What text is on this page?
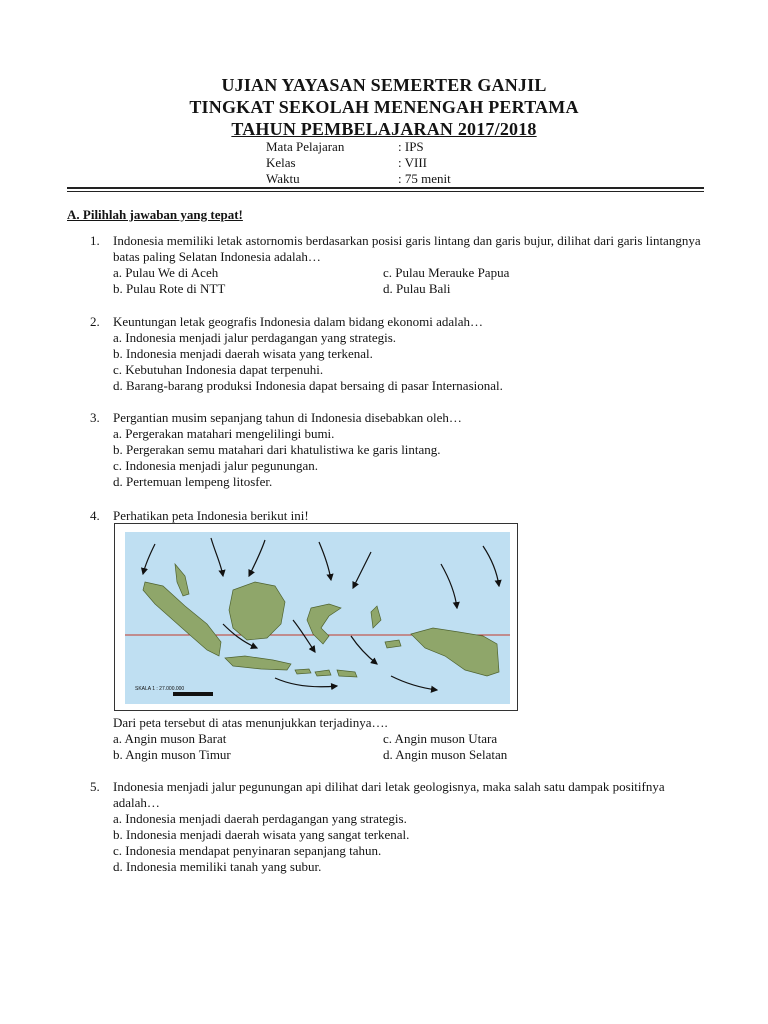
UJIAN YAYASAN SEMERTER GANJIL
TINGKAT SEKOLAH MENENGAH PERTAMA
TAHUN PEMBELAJARAN 2017/2018
Mata Pelajaran	: IPS
Kelas	: VIII
Waktu	: 75 menit
A. Pilihlah jawaban yang tepat!
1. Indonesia memiliki letak astornomis berdasarkan posisi garis lintang dan garis bujur, dilihat dari garis lintangnya batas paling Selatan Indonesia adalah…
a. Pulau We di Aceh	c. Pulau Merauke Papua
b. Pulau Rote di NTT	d. Pulau Bali
2. Keuntungan letak geografis Indonesia dalam bidang ekonomi adalah…
a. Indonesia menjadi jalur perdagangan yang strategis.
b. Indonesia menjadi daerah wisata yang terkenal.
c. Kebutuhan Indonesia dapat terpenuhi.
d. Barang-barang produksi Indonesia dapat bersaing di pasar Internasional.
3. Pergantian musim sepanjang tahun di Indonesia disebabkan oleh…
a. Pergerakan matahari mengelilingi bumi.
b. Pergerakan semu matahari dari khatulistiwa ke garis lintang.
c. Indonesia menjadi jalur pegunungan.
d. Pertemuan lempeng litosfer.
4. Perhatikan peta Indonesia berikut ini!
SKALA 1 : 27.000.000
Dari peta tersebut di atas menunjukkan terjadinya….
a. Angin muson Barat	c. Angin muson Utara
b. Angin muson Timur	d. Angin muson Selatan
5. Indonesia menjadi jalur pegunungan api dilihat dari letak geologisnya, maka salah satu dampak positifnya adalah…
a. Indonesia menjadi daerah perdagangan yang strategis.
b. Indonesia menjadi daerah wisata yang sangat terkenal.
c. Indonesia mendapat penyinaran sepanjang tahun.
d. Indonesia memiliki tanah yang subur.
